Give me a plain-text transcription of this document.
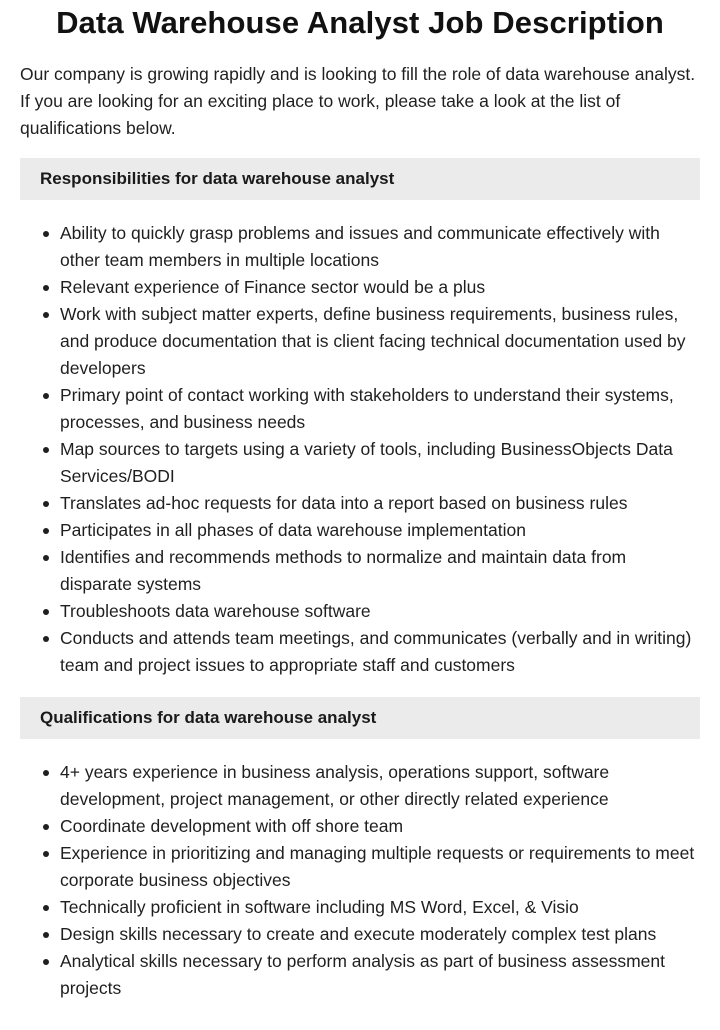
Data Warehouse Analyst Job Description

Our company is growing rapidly and is looking to fill the role of data warehouse analyst. If you are looking for an exciting place to work, please take a look at the list of qualifications below.

Responsibilities for data warehouse analyst
Ability to quickly grasp problems and issues and communicate effectively with other team members in multiple locations
Relevant experience of Finance sector would be a plus
Work with subject matter experts, define business requirements, business rules, and produce documentation that is client facing technical documentation used by developers
Primary point of contact working with stakeholders to understand their systems, processes, and business needs
Map sources to targets using a variety of tools, including BusinessObjects Data Services/BODI
Translates ad-hoc requests for data into a report based on business rules
Participates in all phases of data warehouse implementation
Identifies and recommends methods to normalize and maintain data from disparate systems
Troubleshoots data warehouse software
Conducts and attends team meetings, and communicates (verbally and in writing) team and project issues to appropriate staff and customers
Qualifications for data warehouse analyst
4+ years experience in business analysis, operations support, software development, project management, or other directly related experience
Coordinate development with off shore team
Experience in prioritizing and managing multiple requests or requirements to meet corporate business objectives
Technically proficient in software including MS Word, Excel, & Visio
Design skills necessary to create and execute moderately complex test plans
Analytical skills necessary to perform analysis as part of business assessment projects
